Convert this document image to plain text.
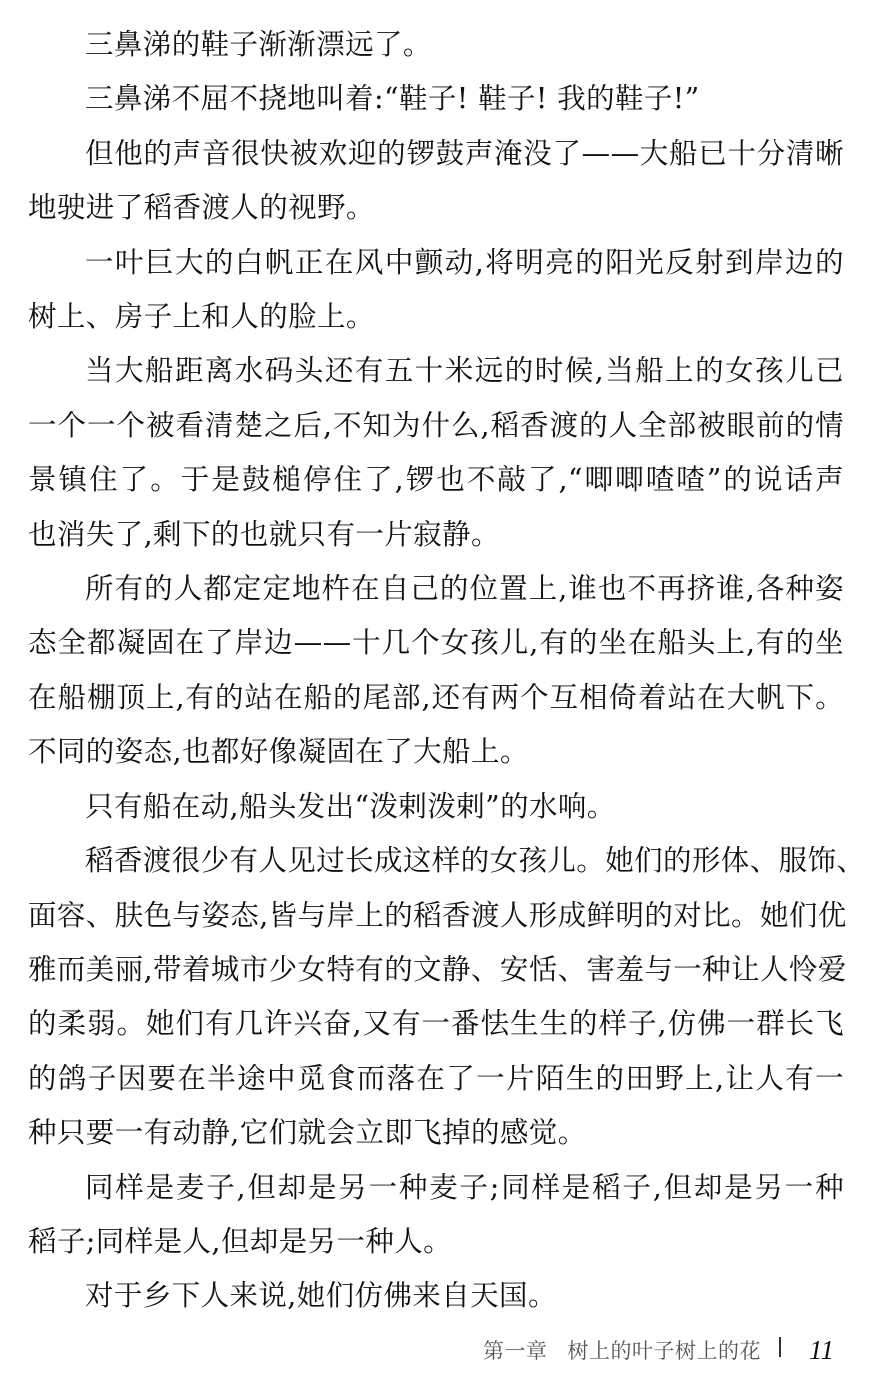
三鼻涕的鞋子渐渐漂远了。

三鼻涕不屈不挠地叫着:“鞋子! 鞋子! 我的鞋子!”

但他的声音很快被欢迎的锣鼓声淹没了——大船已十分清晰
地驶进了稻香渡人的视野。

一叶巨大的白帆正在风中颤动,将明亮的阳光反射到岸边的
树上、房子上和人的脸上。

当大船距离水码头还有五十米远的时候,当船上的女孩儿已
一个一个被看清楚之后,不知为什么,稻香渡的人全部被眼前的情
景镇住了。于是鼓槌停住了,锣也不敲了,“唧唧喳喳”的说话声
也消失了,剩下的也就只有一片寂静。

所有的人都定定地杵在自己的位置上,谁也不再挤谁,各种姿
态全都凝固在了岸边——十几个女孩儿,有的坐在船头上,有的坐
在船棚顶上,有的站在船的尾部,还有两个互相倚着站在大帆下。
不同的姿态,也都好像凝固在了大船上。

只有船在动,船头发出“泼剌泼剌”的水响。

稻香渡很少有人见过长成这样的女孩儿。她们的形体、服饰、
面容、肤色与姿态,皆与岸上的稻香渡人形成鲜明的对比。她们优
雅而美丽,带着城市少女特有的文静、安恬、害羞与一种让人怜爱
的柔弱。她们有几许兴奋,又有一番怯生生的样子,仿佛一群长飞
的鸽子因要在半途中觅食而落在了一片陌生的田野上,让人有一
种只要一有动静,它们就会立即飞掉的感觉。

同样是麦子,但却是另一种麦子;同样是稻子,但却是另一种
稻子;同样是人,但却是另一种人。

对于乡下人来说,她们仿佛来自天国。

第一章 树上的叶子树上的花 11
